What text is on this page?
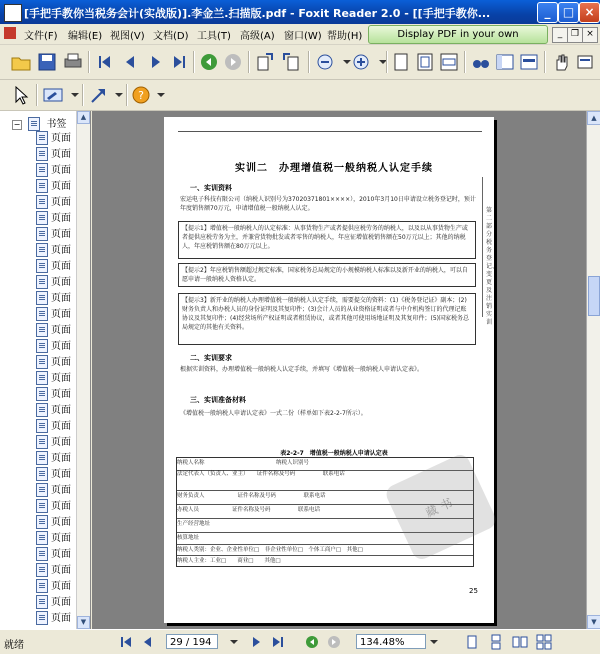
[手把手教你当税务会计(实战版)].李金兰.扫描版.pdf - Foxit Reader 2.0 - [[手把手教你...	_	□ ×
文件(F) 编辑(E) 视图(V) 文档(D) 工具(T) 高级(A) 窗口(W) 帮助(H)	Display PDF in your own	_ ❐ ×
?
−	书签
页面
页面
页面
页面
页面
页面
页面
页面
页面
页面
页面
页面
页面
页面
页面
页面
页面
页面
页面
页面
页面
页面
页面
页面
页面
页面
页面
页面
页面
页面
页面
▲
▼
实训二　办理增值税一般纳税人认定手续
一、实训资料
宏运电子科技有限公司（纳税人识别号为37020371801××××），2010年3月10日申请设立税务登记时，预计年度销售额70万元，申请增值税一般纳税人认定。
【提示1】增值税一般纳税人的认定标准：从事货物生产或者提供应税劳务的纳税人，以及以从事货物生产或者提供应税劳务为主，并兼营货物批发或者零售的纳税人，年应征增值税销售额在50万元以上；其他的纳税人，年应税销售额在80万元以上。
【提示2】年应税销售额超过规定标准，国家税务总局规定的小规模纳税人标准以及新开业的纳税人，可以自愿申请一般纳税人资格认定。
【提示3】新开业的纳税人办理增值税一般纳税人认定手续，需要提交的资料：(1)《税务登记证》副本；(2)财务负责人和办税人员的身份证明及其复印件；(3)会计人员的从业资格证明或者与中介机构签订的代理记账协议及其复印件；(4)经营场所产权证明或者租赁协议，或者其他可使用场地证明及其复印件；(5)国家税务总局规定的其他有关资料。
二、实训要求
根据实训资料，办理增值税一般纳税人认定手续，并填写《增值税一般纳税人申请认定表》。
三、实训准备材料
《增值税一般纳税人申请认定表》一式二份（样单如下表2-2-7所示）。
表2-2-7　增值税一般纳税人申请认定表
纳税人名称　　　　　　　　　　　　　纳税人识别号
法定代表人（负责人、业主）　　证件名称及号码　　　　　联系电话
财务负责人　　　　　　证件名称及号码　　　　　联系电话
办税人员　　　　　　证件名称及号码　　　　　联系电话
生产经营地址
核算地址
纳税人类别：企业、企业性单位□　非企业性单位□　个体工商户□　其他□
纳税人主业：工业□　　商业□　　其他□
藏书
第二部分　税务登记、变更及注销实训
25
▲
▼
就绪	29 / 194	134.48%
